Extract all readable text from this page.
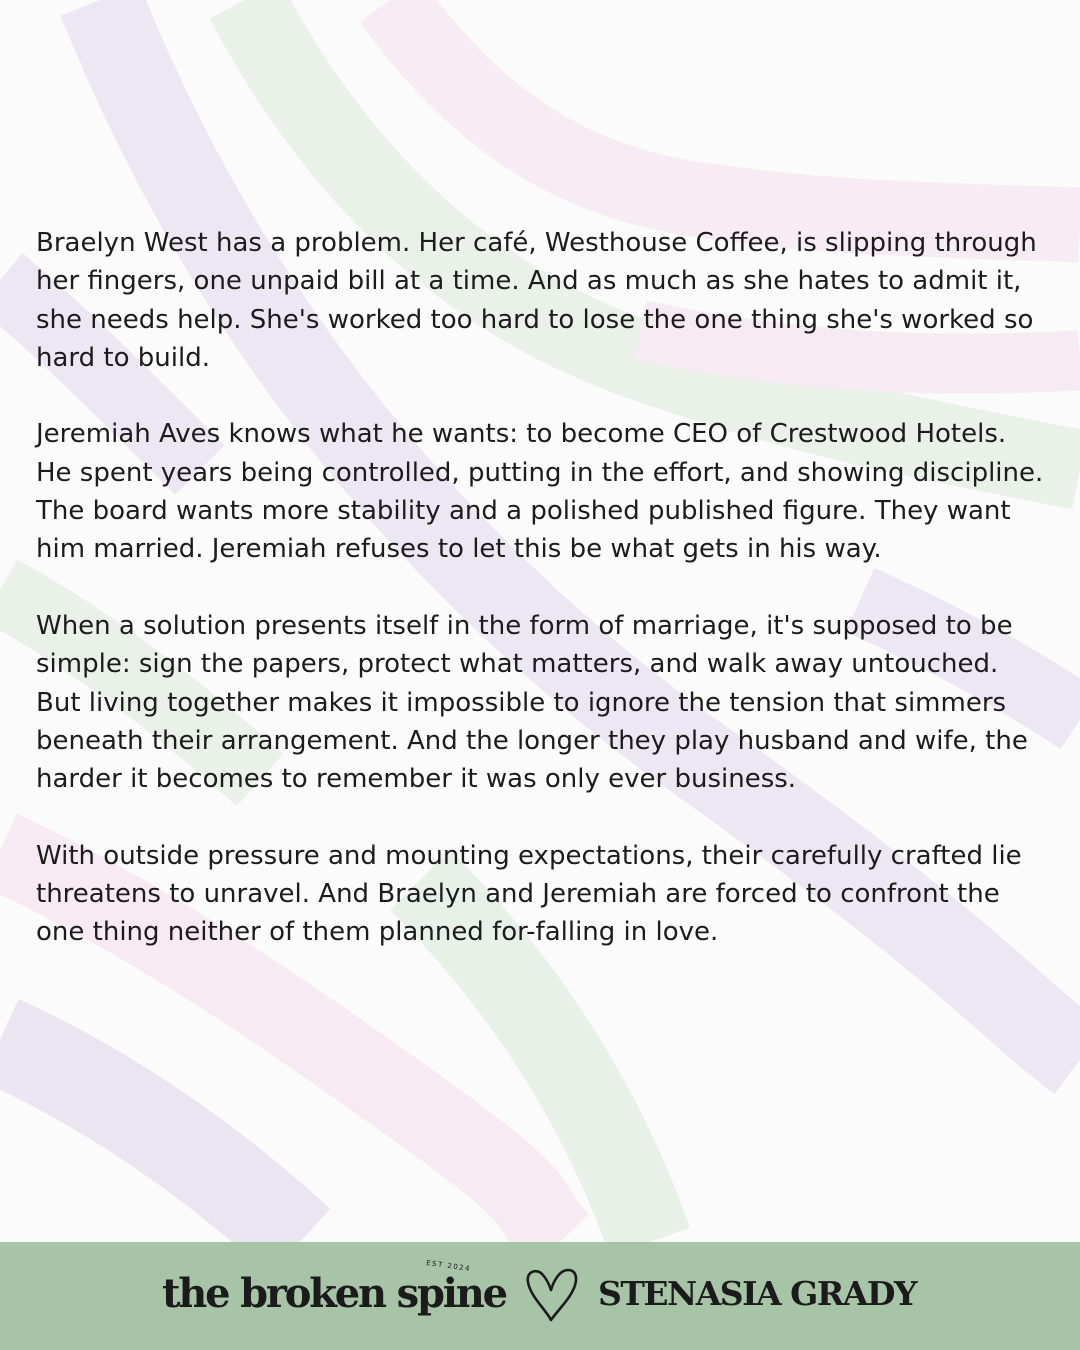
Braelyn West has a problem. Her café, Westhouse Coffee, is slipping through her fingers, one unpaid bill at a time. And as much as she hates to admit it, she needs help. She's worked too hard to lose the one thing she's worked so hard to build.

Jeremiah Aves knows what he wants: to become CEO of Crestwood Hotels. He spent years being controlled, putting in the effort, and showing discipline. The board wants more stability and a polished published figure. They want him married. Jeremiah refuses to let this be what gets in his way.

When a solution presents itself in the form of marriage, it's supposed to be simple: sign the papers, protect what matters, and walk away untouched. But living together makes it impossible to ignore the tension that simmers beneath their arrangement. And the longer they play husband and wife, the harder it becomes to remember it was only ever business.

With outside pressure and mounting expectations, their carefully crafted lie threatens to unravel. And Braelyn and Jeremiah are forced to confront the one thing neither of them planned for-falling in love.

the broken spine
EST 2024
STENASIA GRADY
